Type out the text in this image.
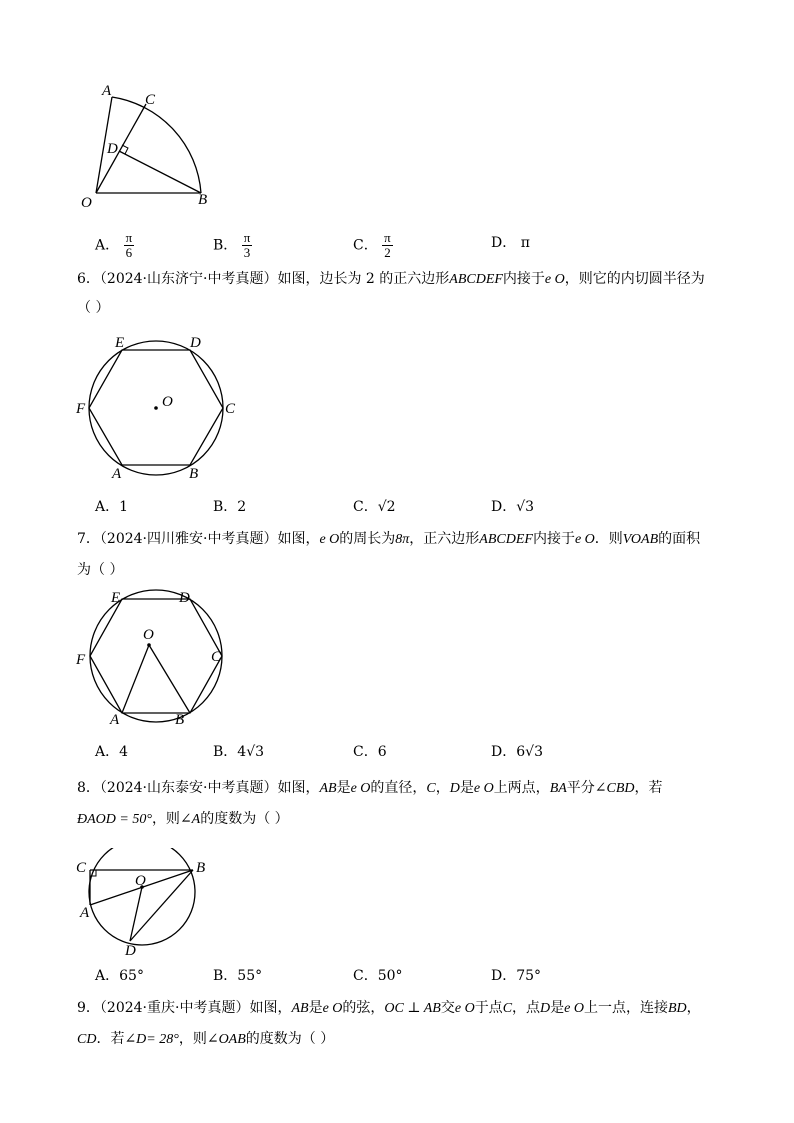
A
C
D
O	B
A． $\frac{\pi}{6}$	B． $\frac{\pi}{3}$	C． $\frac{\pi}{2}$	D． π
6．（2024·山东济宁·中考真题）如图，边长为 2 的正六边形ABCDEF内接于e O，则它的内切圆半径为
（ ）
E	D
F	C
O
A	B
A．1	B．2	C．√2	D．√3
7．（2024·四川雅安·中考真题）如图，e O的周长为8π，正六边形ABCDEF内接于e O．则VOAB的面积
为（ ）
E	D
O
F	C
A	B
A．4	B．4√3	C．6	D．6√3
8．（2024·山东泰安·中考真题）如图，AB是e O的直径，C，D是e O上两点，BA平分∠CBD，若
ÐAOD = 50°，则∠A的度数为（ ）
C	B
O
A
D
A．65°	B．55°	C．50°	D．75°
9．（2024·重庆·中考真题）如图，AB是e O的弦，OC ⊥ AB交e O于点C，点D是e O上一点，连接BD，
CD．若∠D= 28°，则∠OAB的度数为（ ）
